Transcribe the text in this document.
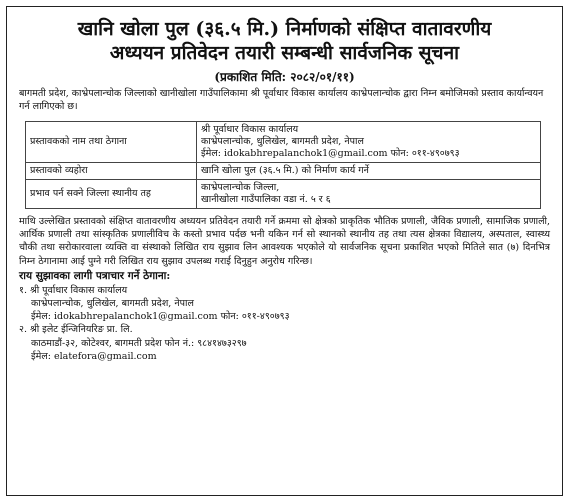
खानि खोला पुल (३६.५ मि.) निर्माणको संक्षिप्त वातावरणीय
अध्ययन प्रतिवेदन तयारी सम्बन्धी सार्वजनिक सूचना
(प्रकाशित मिति: २०८२/०१/११)
बागमती प्रदेश, काभ्रेपलान्चोक जिल्लाको खानीखोला गाउँपालिकामा श्री पूर्वाधार विकास कार्यालय काभ्रेपलान्चोक द्वारा निम्न बमोजिमको प्रस्ताव कार्यान्वयन गर्न लागिएको छ।
प्रस्तावकको नाम तथा ठेगाना	श्री पूर्वाधार विकास कार्यालय
काभ्रेपलान्चोक, धुलिखेल, बागमती प्रदेश, नेपाल
ईमेल: idokabhrepalanchok1@gmail.com फोन: ०११-४९०७९३

प्रस्तावको व्यहोरा	खानि खोला पुल (३६.५ मि.) को निर्माण कार्य गर्ने

प्रभाव पर्न सक्ने जिल्ला स्थानीय तह	काभ्रेपलान्चोक जिल्ला,
खानीखोला गाउँपालिका वडा नं. ५ र ६
माथि उल्लेखित प्रस्तावको संक्षिप्त वातावरणीय अध्ययन प्रतिवेदन तयारी गर्ने क्रममा सो क्षेत्रको प्राकृतिक भौतिक प्रणाली, जैविक प्रणाली, सामाजिक प्रणाली, आर्थिक प्रणाली तथा सांस्कृतिक प्रणालीविच के कस्तो प्रभाव पर्दछ भनी यकिन गर्न सो स्थानको स्थानीय तह तथा त्यस क्षेत्रका विद्यालय, अस्पताल, स्वास्थ्य चौकी तथा सरोकारवाला व्यक्ति वा संस्थाको लिखित राय सुझाव लिन आवश्यक भएकोले यो सार्वजनिक सूचना प्रकाशित भएको मितिले सात (७) दिनभित्र निम्न ठेगानामा आई पुग्ने गरी लिखित राय सुझाव उपलब्ध गराई दिनुहुन अनुरोध गरिन्छ।
राय सुझावका लागी पत्राचार गर्ने ठेगाना:
१. श्री पूर्वाधार विकास कार्यालय
काभ्रेपलान्चोक, धुलिखेल, बागमती प्रदेश, नेपाल
ईमेल: idokabhrepalanchok1@gmail.com फोन: ०११-४९०७९३
२. श्री इलेट ईन्जिनियरिङ प्रा. लि.
काठमाडौं-३२, कोटेश्वर, बागमती प्रदेश फोन नं.: ९८४१४७३२९७
ईमेल: elatefora@gmail.com
